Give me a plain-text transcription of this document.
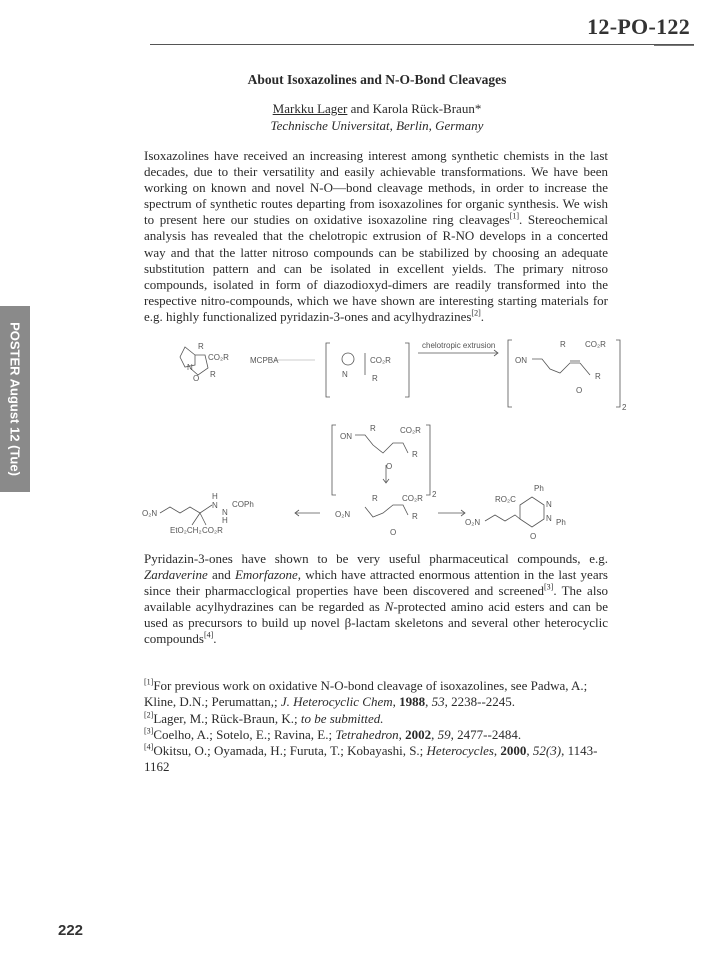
12-PO-122
POSTER August 12 (Tue)
About Isoxazolines and N-O-Bond Cleavages
Markku Lager and Karola Rück-Braun*
Technische Universitat, Berlin, Germany
Isoxazolines have received an increasing interest among synthetic chemists in the last decades, due to their versatility and easily achievable transformations. We have been working on known and novel N-O—bond cleavage methods, in order to increase the spectrum of synthetic routes departing from isoxazolines for organic synthesis. We wish to present here our studies on oxidative isoxazoline ring cleavages[1]. Stereochemical analysis has revealed that the chelotropic extrusion of R-NO develops in a concerted way and that the latter nitroso compounds can be stabilized by choosing an adequate substitution pattern and can be isolated in excellent yields. The primary nitroso compounds, isolated in form of diazodioxyd-dimers are readily transformed into the respective nitro-compounds, which we have shown are interesting starting materials for e.g. highly functionalized pyridazin-3-ones and acylhydrazines[2].
MCPBA
chelotropic extrusion
CO₂R
R
N
O
R
CO₂R
R
N
ON
R CO₂R
R
O
2
ON
R	CO₂R
R
O
2
O₂N
R	CO₂R
R
O
O₂N
H
N
N
H
COPh
EtO₂CH₂ CO₂R
RO₂C
Ph
N
N Ph
O
O₂N
Pyridazin-3-ones have shown to be very useful pharmaceutical compounds, e.g. Zardaverine and Emorfazone, which have attracted enormous attention in the last years since their pharmacclogical properties have been discovered and screened[3]. The also available acylhydrazines can be regarded as N-protected amino acid esters and can be used as precursors to build up novel β-lactam skeletons and several other heterocyclic compounds[4].

[1]For previous work on oxidative N-O-bond cleavage of isoxazolines, see Padwa, A.; Kline, D.N.; Perumattan,; J. Heterocyclic Chem, 1988, 53, 2238--2245.

[2]Lager, M.; Rück-Braun, K.; to be submitted.

[3]Coelho, A.; Sotelo, E.; Ravina, E.; Tetrahedron, 2002, 59, 2477--2484.

[4]Okitsu, O.; Oyamada, H.; Furuta, T.; Kobayashi, S.; Heterocycles, 2000, 52(3), 1143-1162

222
